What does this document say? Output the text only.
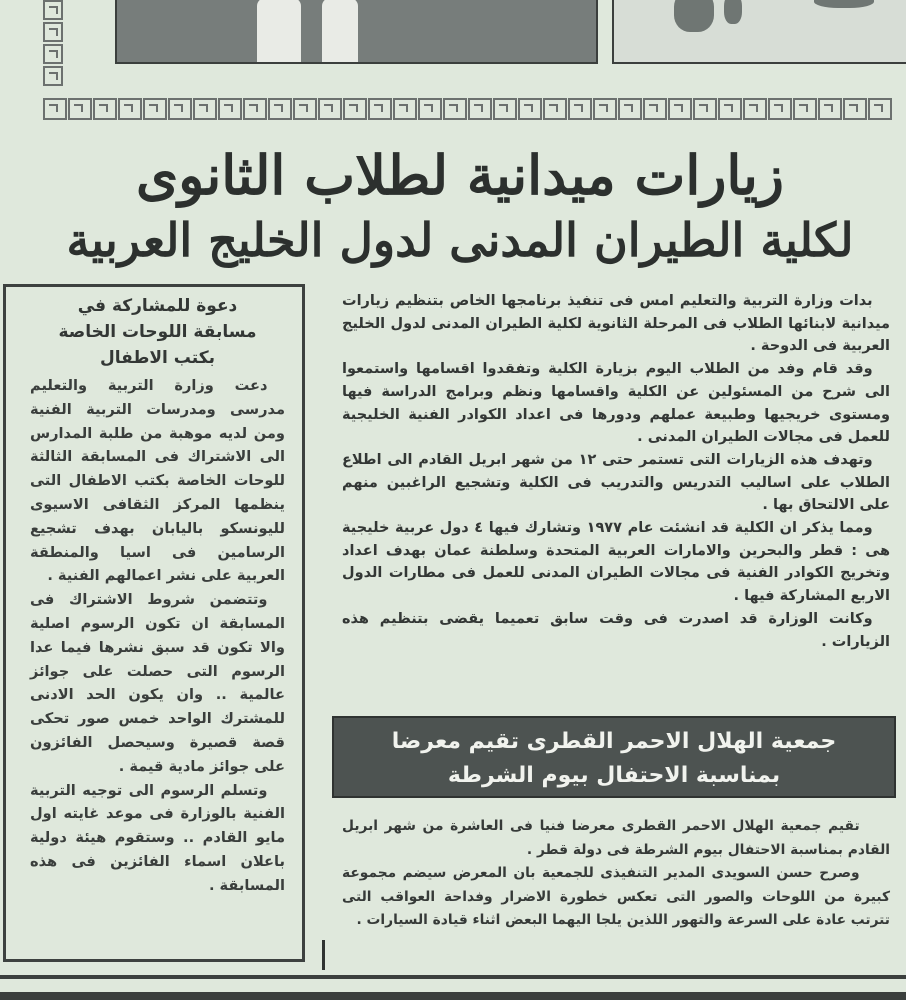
زيارات ميدانية لطلاب الثانوى
لكلية الطيران المدنى لدول الخليج العربية

بدات وزارة التربية والتعليم امس فى تنفيذ برنامجها الخاص بتنظيم زيارات ميدانية لابنائها الطلاب فى المرحلة الثانوية لكلية الطيران المدنى لدول الخليج العربية فى الدوحة .

وقد قام وفد من الطلاب اليوم بزيارة الكلية وتفقدوا اقسامها واستمعوا الى شرح من المسئولين عن الكلية واقسامها ونظم وبرامج الدراسة فيها ومستوى خريجيها وطبيعة عملهم ودورها فى اعداد الكوادر الفنية الخليجية للعمل فى مجالات الطيران المدنى .

وتهدف هذه الزيارات التى تستمر حتى ١٢ من شهر ابريل القادم الى اطلاع الطلاب على اساليب التدريس والتدريب فى الكلية وتشجيع الراغبين منهم على الالتحاق بها .

ومما يذكر ان الكلية قد انشئت عام ١٩٧٧ وتشارك فيها ٤ دول عربية خليجية هى : قطر والبحرين والامارات العربية المتحدة وسلطنة عمان بهدف اعداد وتخريج الكوادر الفنية فى مجالات الطيران المدنى للعمل فى مطارات الدول الاربع المشاركة فيها .

وكانت الوزارة قد اصدرت فى وقت سابق تعميما يقضى بتنظيم هذه الزيارات .

دعوة للمشاركة في
مسابقة اللوحات الخاصة
بكتب الاطفال

دعت وزارة التربية والتعليم مدرسى ومدرسات التربية الفنية ومن لديه موهبة من طلبة المدارس الى الاشتراك فى المسابقة الثالثة للوحات الخاصة بكتب الاطفال التى ينظمها المركز الثقافى الاسيوى لليونسكو باليابان بهدف تشجيع الرسامين فى اسيا والمنطقة العربية على نشر اعمالهم الفنية .

وتتضمن شروط الاشتراك فى المسابقة ان تكون الرسوم اصلية والا تكون قد سبق نشرها فيما عدا الرسوم التى حصلت على جوائز عالمية .. وان يكون الحد الادنى للمشترك الواحد خمس صور تحكى قصة قصيرة وسيحصل الفائزون على جوائز مادية قيمة .

وتسلم الرسوم الى توجيه التربية الفنية بالوزارة فى موعد غايته اول مايو القادم .. وستقوم هيئة دولية باعلان اسماء الفائزين فى هذه المسابقة .

جمعية الهلال الاحمر القطرى تقيم معرضا
بمناسبة الاحتفال بيوم الشرطة

تقيم جمعية الهلال الاحمر القطرى معرضا فنيا فى العاشرة من شهر ابريل القادم بمناسبة الاحتفال بيوم الشرطة فى دولة قطر .

وصرح حسن السويدى المدير التنفيذى للجمعية بان المعرض سيضم مجموعة كبيرة من اللوحات والصور التى تعكس خطورة الاضرار وفداحة العواقب التى تترتب عادة على السرعة والتهور اللذين يلجا اليهما البعض اثناء قيادة السيارات .
